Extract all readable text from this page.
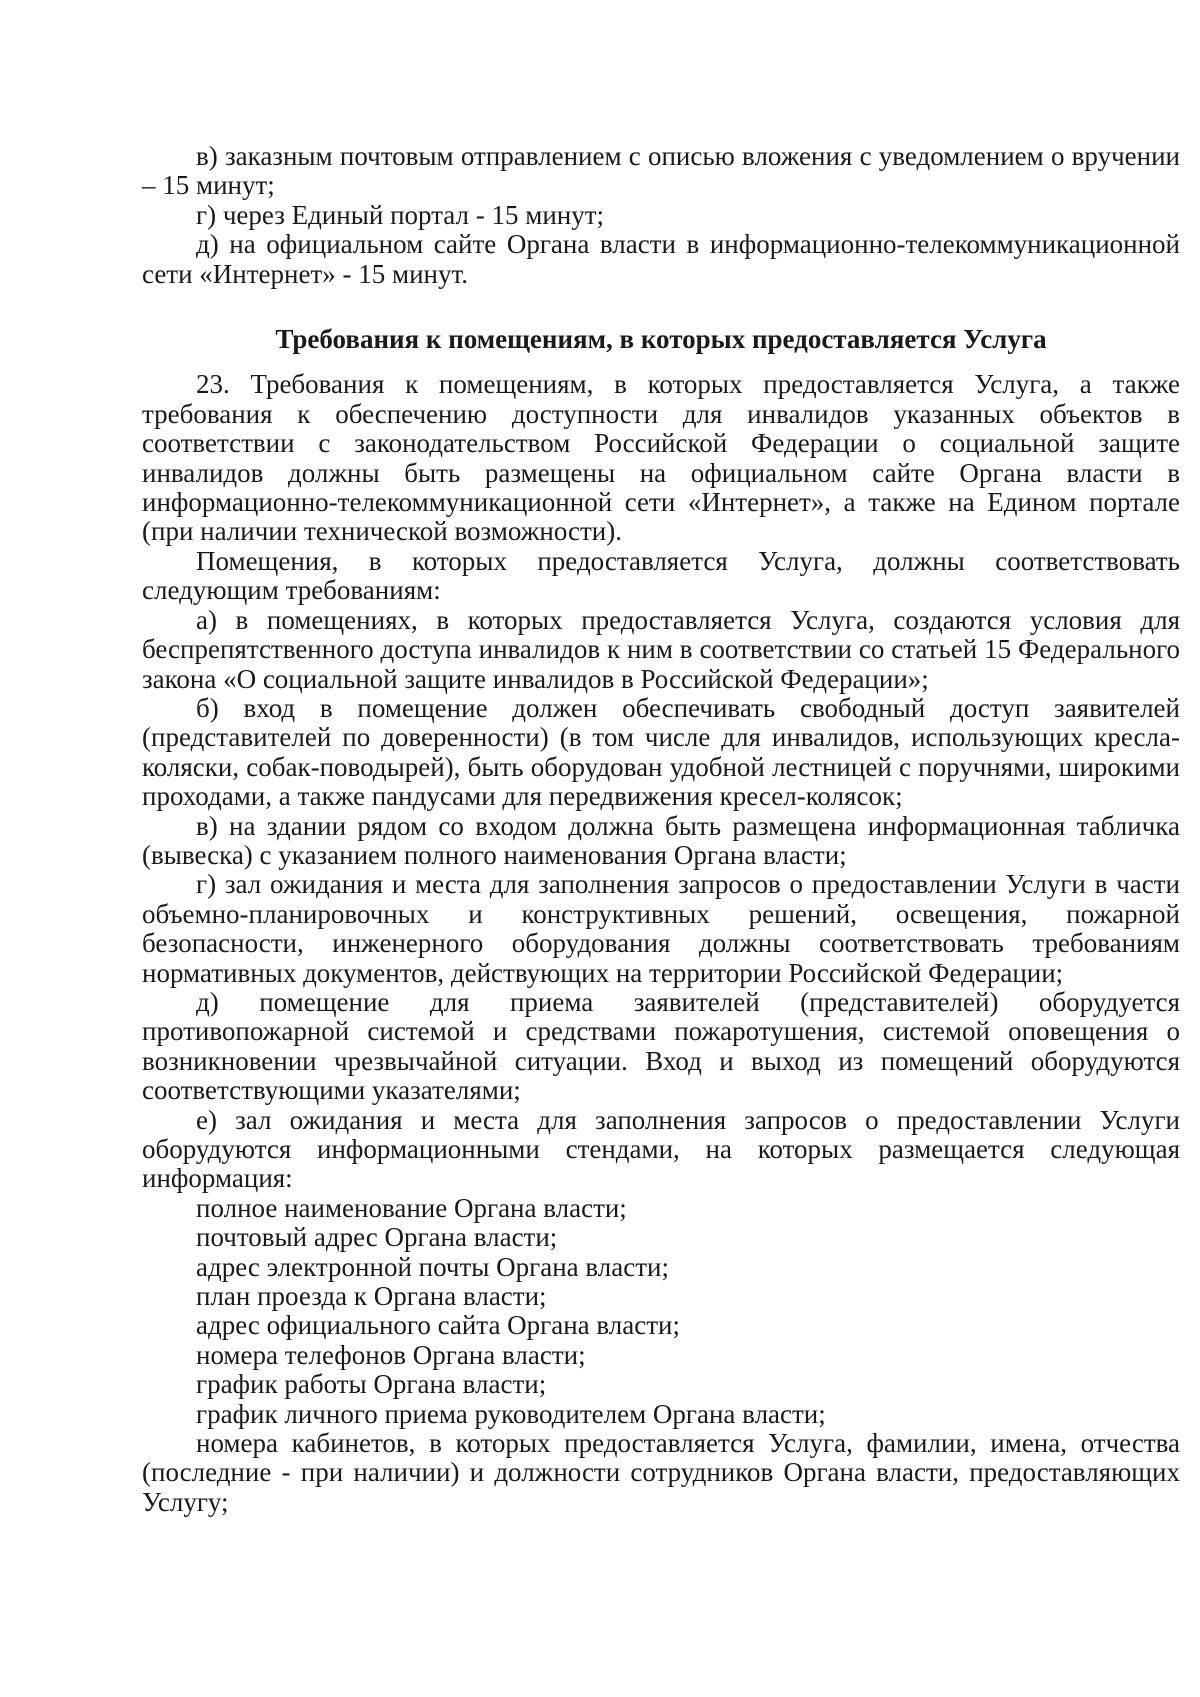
в) заказным почтовым отправлением с описью вложения с уведомлением о вручении – 15 минут;

г) через Единый портал - 15 минут;

д) на официальном сайте Органа власти в информационно-телекоммуникационной сети «Интернет» - 15 минут.

Требования к помещениям, в которых предоставляется Услуга

23. Требования к помещениям, в которых предоставляется Услуга, а также требования к обеспечению доступности для инвалидов указанных объектов в соответствии с законодательством Российской Федерации о социальной защите инвалидов должны быть размещены на официальном сайте Органа власти в информационно-телекоммуникационной сети «Интернет», а также на Едином портале (при наличии технической возможности).

Помещения, в которых предоставляется Услуга, должны соответствовать следующим требованиям:

а) в помещениях, в которых предоставляется Услуга, создаются условия для беспрепятственного доступа инвалидов к ним в соответствии со статьей 15 Федерального закона «О социальной защите инвалидов в Российской Федерации»;

б) вход в помещение должен обеспечивать свободный доступ заявителей (представителей по доверенности) (в том числе для инвалидов, использующих кресла-коляски, собак-поводырей), быть оборудован удобной лестницей с поручнями, широкими проходами, а также пандусами для передвижения кресел-колясок;

в) на здании рядом со входом должна быть размещена информационная табличка (вывеска) с указанием полного наименования Органа власти;

г) зал ожидания и места для заполнения запросов о предоставлении Услуги в части объемно-планировочных и конструктивных решений, освещения, пожарной безопасности, инженерного оборудования должны соответствовать требованиям нормативных документов, действующих на территории Российской Федерации;

д) помещение для приема заявителей (представителей) оборудуется противопожарной системой и средствами пожаротушения, системой оповещения о возникновении чрезвычайной ситуации. Вход и выход из помещений оборудуются соответствующими указателями;

е) зал ожидания и места для заполнения запросов о предоставлении Услуги оборудуются информационными стендами, на которых размещается следующая информация:

полное наименование Органа власти;

почтовый адрес Органа власти;

адрес электронной почты Органа власти;

план проезда к Органа власти;

адрес официального сайта Органа власти;

номера телефонов Органа власти;

график работы Органа власти;

график личного приема руководителем Органа власти;

номера кабинетов, в которых предоставляется Услуга, фамилии, имена, отчества (последние - при наличии) и должности сотрудников Органа власти, предоставляющих Услугу;
